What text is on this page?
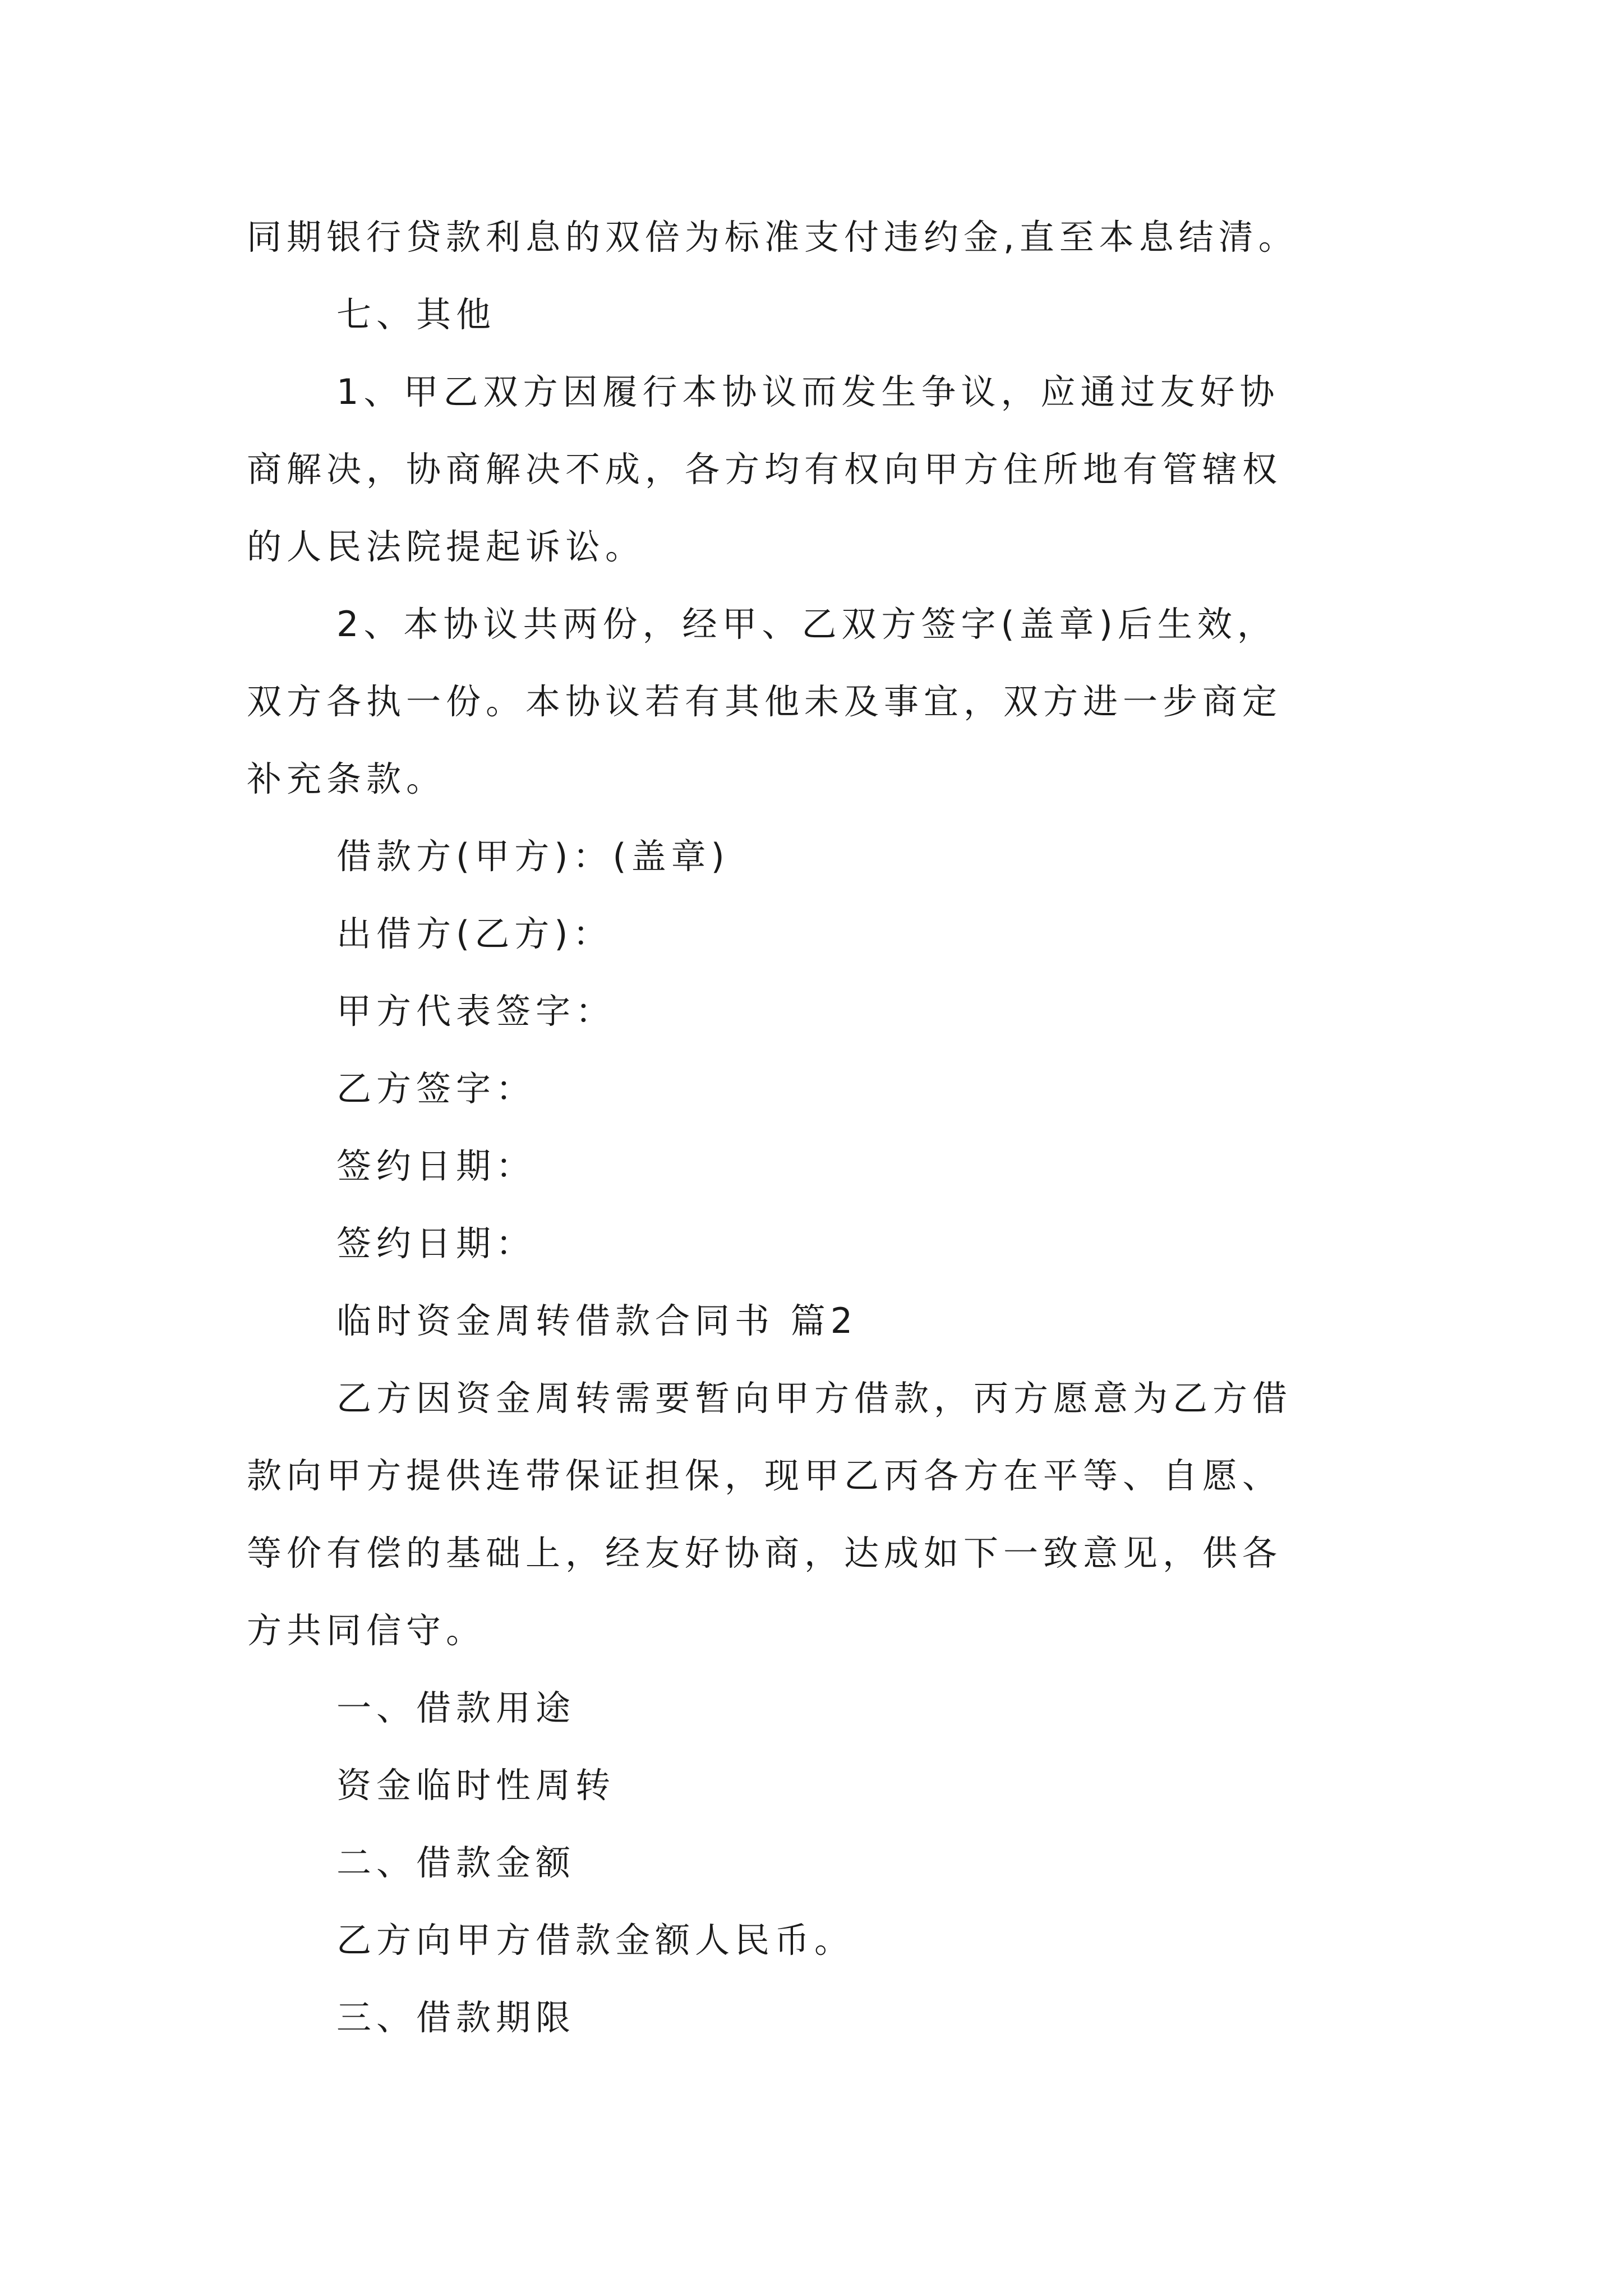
同期银行贷款利息的双倍为标准支付违约金,直至本息结清。

七、其他

1、甲乙双方因履行本协议而发生争议，应通过友好协

商解决，协商解决不成，各方均有权向甲方住所地有管辖权

的人民法院提起诉讼。

2、本协议共两份，经甲、乙双方签字(盖章)后生效，

双方各执一份。本协议若有其他未及事宜，双方进一步商定

补充条款。

借款方(甲方)：(盖章)

出借方(乙方)：

甲方代表签字：

乙方签字：

签约日期：

签约日期：

临时资金周转借款合同书 篇2

乙方因资金周转需要暂向甲方借款，丙方愿意为乙方借

款向甲方提供连带保证担保，现甲乙丙各方在平等、自愿、

等价有偿的基础上，经友好协商，达成如下一致意见，供各

方共同信守。

一、借款用途

资金临时性周转

二、借款金额

乙方向甲方借款金额人民币。

三、借款期限
